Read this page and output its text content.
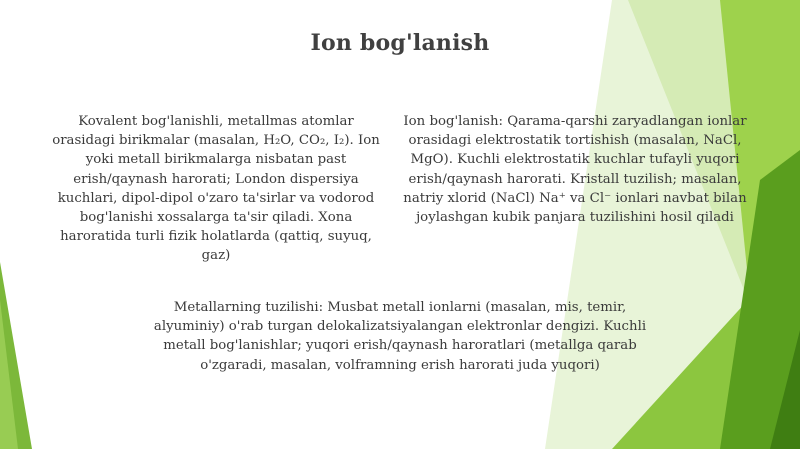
Ion bog'lanish
Kovalent bog'lanishli, metallmas atomlar orasidagi birikmalar (masalan, H₂O, CO₂, I₂). Ion yoki metall birikmalarga nisbatan past erish/qaynash harorati; London dispersiya kuchlari, dipol-dipol o'zaro ta'sirlar va vodorod bog'lanishi xossalarga ta'sir qiladi. Xona haroratida turli fizik holatlarda (qattiq, suyuq, gaz)
Ion bog'lanish: Qarama-qarshi zaryadlangan ionlar orasidagi elektrostatik tortishish (masalan, NaCl, MgO). Kuchli elektrostatik kuchlar tufayli yuqori erish/qaynash harorati. Kristall tuzilish; masalan, natriy xlorid (NaCl) Na⁺ va Cl⁻ ionlari navbat bilan joylashgan kubik panjara tuzilishini hosil qiladi
Metallarning tuzilishi: Musbat metall ionlarni (masalan, mis, temir, alyuminiy) o'rab turgan delokalizatsiyalangan elektronlar dengizi. Kuchli metall bog'lanishlar; yuqori erish/qaynash haroratlari (metallga qarab o'zgaradi, masalan, volframning erish harorati juda yuqori)
